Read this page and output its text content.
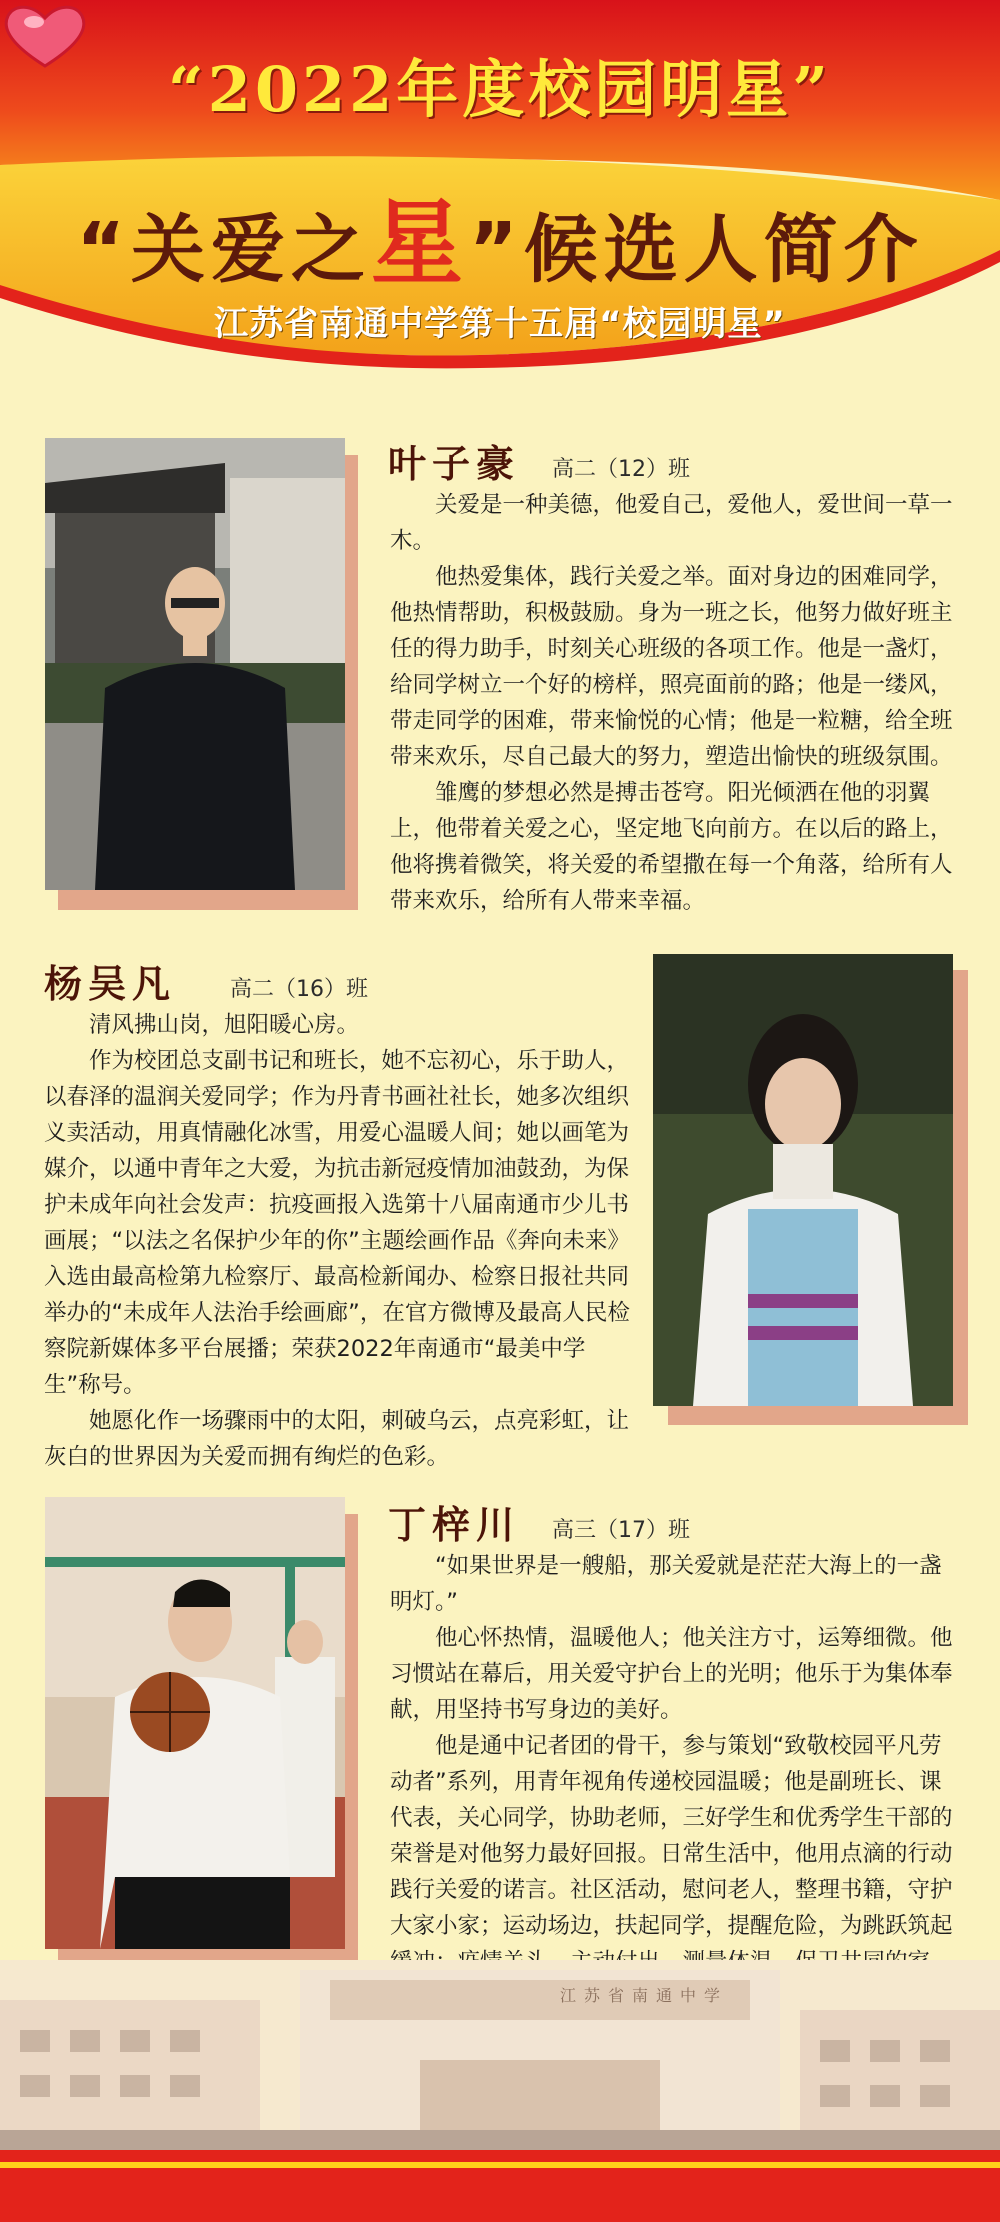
“2022年度校园明星”
“关爱之星”候选人简介
江苏省南通中学第十五届“校园明星”
叶子豪 高二（12）班

关爱是一种美德，他爱自己，爱他人，爱世间一草一木。

他热爱集体，践行关爱之举。面对身边的困难同学，他热情帮助，积极鼓励。身为一班之长，他努力做好班主任的得力助手，时刻关心班级的各项工作。他是一盏灯，给同学树立一个好的榜样，照亮面前的路；他是一缕风，带走同学的困难，带来愉悦的心情；他是一粒糖，给全班带来欢乐，尽自己最大的努力，塑造出愉快的班级氛围。

雏鹰的梦想必然是搏击苍穹。阳光倾洒在他的羽翼上，他带着关爱之心，坚定地飞向前方。在以后的路上，他将携着微笑，将关爱的希望撒在每一个角落，给所有人带来欢乐，给所有人带来幸福。

杨吴凡 高二（16）班

清风拂山岗，旭阳暖心房。

作为校团总支副书记和班长，她不忘初心，乐于助人，以春泽的温润关爱同学；作为丹青书画社社长，她多次组织义卖活动，用真情融化冰雪，用爱心温暖人间；她以画笔为媒介，以通中青年之大爱，为抗击新冠疫情加油鼓劲，为保护未成年向社会发声：抗疫画报入选第十八届南通市少儿书画展；“以法之名保护少年的你”主题绘画作品《奔向未来》入选由最高检第九检察厅、最高检新闻办、检察日报社共同举办的“未成年人法治手绘画廊”，在官方微博及最高人民检察院新媒体多平台展播；荣获2022年南通市“最美中学生”称号。

她愿化作一场骤雨中的太阳，刺破乌云，点亮彩虹，让灰白的世界因为关爱而拥有绚烂的色彩。

丁梓川 高三（17）班

“如果世界是一艘船，那关爱就是茫茫大海上的一盏明灯。”

他心怀热情，温暖他人；他关注方寸，运筹细微。他习惯站在幕后，用关爱守护台上的光明；他乐于为集体奉献，用坚持书写身边的美好。

他是通中记者团的骨干，参与策划“致敬校园平凡劳动者”系列，用青年视角传递校园温暖；他是副班长、课代表，关心同学，协助老师，三好学生和优秀学生干部的荣誉是对他努力最好回报。日常生活中，他用点滴的行动践行关爱的诺言。社区活动，慰问老人，整理书籍，守护大家小家；运动场边，扶起同学，提醒危险，为跳跃筑起

江苏省南通中学
